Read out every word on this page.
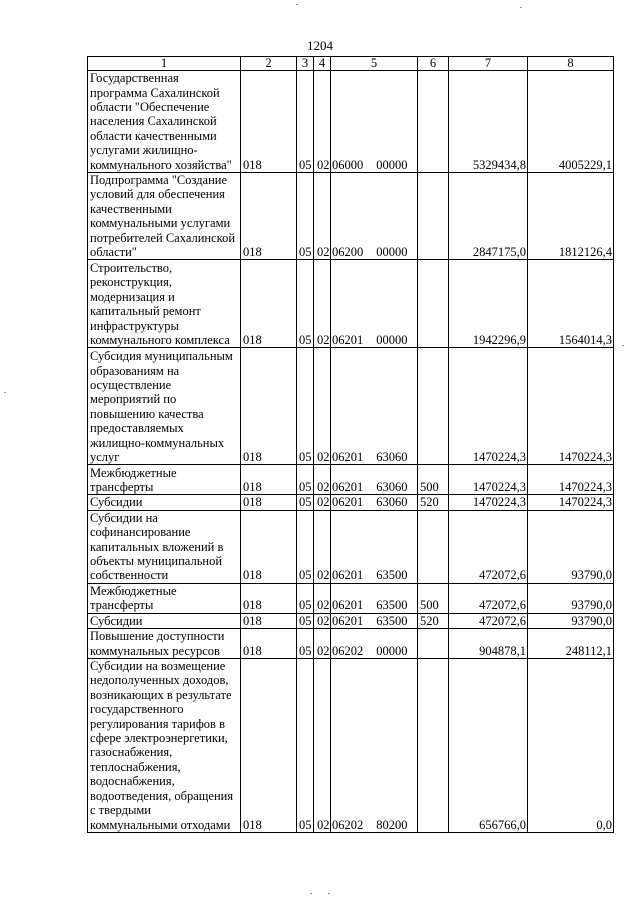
1204
1	2	3	4	5	6	7	8
Государственная программа Сахалинской области "Обеспечение населения Сахалинской области качественными услугами жилищно-коммунального хозяйства"	018	05	02	06000 00000		5329434,8	4005229,1
Подпрограмма "Создание условий для обеспечения качественными коммунальными услугами потребителей Сахалинской области"	018	05	02	06200 00000		2847175,0	1812126,4
Строительство, реконструкция, модернизация и капитальный ремонт инфраструктуры коммунального комплекса	018	05	02	06201 00000		1942296,9	1564014,3
Субсидия муниципальным образованиям на осуществление мероприятий по повышению качества предоставляемых жилищно-коммунальных услуг	018	05	02	06201 63060		1470224,3	1470224,3
Межбюджетные трансферты	018	05	02	06201 63060	500	1470224,3	1470224,3
Субсидии	018	05	02	06201 63060	520	1470224,3	1470224,3
Субсидии на софинансирование капитальных вложений в объекты муниципальной собственности	018	05	02	06201 63500		472072,6	93790,0
Межбюджетные трансферты	018	05	02	06201 63500	500	472072,6	93790,0
Субсидии	018	05	02	06201 63500	520	472072,6	93790,0
Повышение доступности коммунальных ресурсов	018	05	02	06202 00000		904878,1	248112,1
Субсидии на возмещение недополученных доходов, возникающих в результате государственного регулирования тарифов в сфере электроэнергетики, газоснабжения, теплоснабжения, водоснабжения, водоотведения, обращения с твердыми коммунальными отходами	018	05	02	06202 80200		656766,0	0,0
